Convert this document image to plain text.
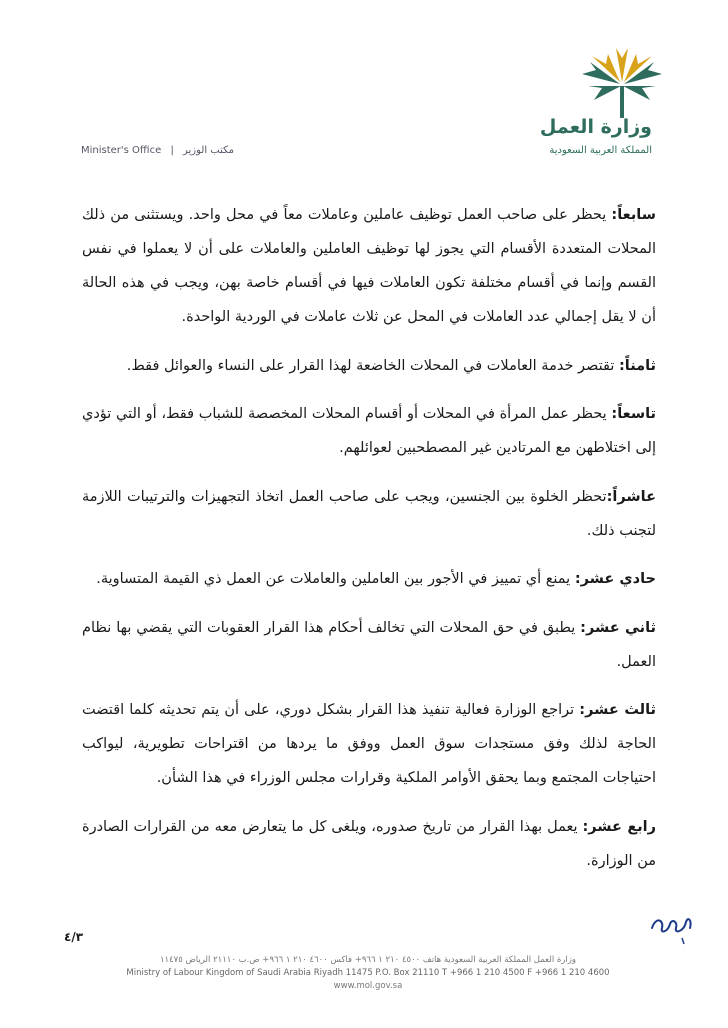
وزارة العمل
المملكة العربية السعودية
Minister's Office | مكتب الوزير

سابعاً: يحظر على صاحب العمل توظيف عاملين وعاملات معاً في محل واحد. ويستثنى من ذلك المحلات المتعددة الأقسام التي يجوز لها توظيف العاملين والعاملات على أن لا يعملوا في نفس القسم وإنما في أقسام مختلفة تكون العاملات فيها في أقسام خاصة بهن، ويجب في هذه الحالة أن لا يقل إجمالي عدد العاملات في المحل عن ثلاث عاملات في الوردية الواحدة.

ثامناً: تقتصر خدمة العاملات في المحلات الخاضعة لهذا القرار على النساء والعوائل فقط.

تاسعاً: يحظر عمل المرأة في المحلات أو أقسام المحلات المخصصة للشباب فقط، أو التي تؤدي إلى اختلاطهن مع المرتادين غير المصطحبين لعوائلهم.

عاشراً:تحظر الخلوة بين الجنسين، ويجب على صاحب العمل اتخاذ التجهيزات والترتيبات اللازمة لتجنب ذلك.

حادي عشر: يمنع أي تمييز في الأجور بين العاملين والعاملات عن العمل ذي القيمة المتساوية.

ثاني عشر: يطبق في حق المحلات التي تخالف أحكام هذا القرار العقوبات التي يقضي بها نظام العمل.

ثالث عشر: تراجع الوزارة فعالية تنفيذ هذا القرار بشكل دوري، على أن يتم تحديثه كلما اقتضت الحاجة لذلك وفق مستجدات سوق العمل ووفق ما يردها من اقتراحات تطويرية، ليواكب احتياجات المجتمع وبما يحقق الأوامر الملكية وقرارات مجلس الوزراء في هذا الشأن.

رابع عشر: يعمل بهذا القرار من تاريخ صدوره، ويلغى كل ما يتعارض معه من القرارات الصادرة من الوزارة.

٤/٣
وزارة العمل المملكة العربية السعودية هاتف ٤٥٠٠ ٢١٠ ١ ٩٦٦+ فاكس ٤٦٠٠ ٢١٠ ١ ٩٦٦+ ص.ب ٢١١١٠ الرياض ١١٤٧٥
Ministry of Labour Kingdom of Saudi Arabia Riyadh 11475 P.O. Box 21110 T +966 1 210 4500 F +966 1 210 4600
www.mol.gov.sa
